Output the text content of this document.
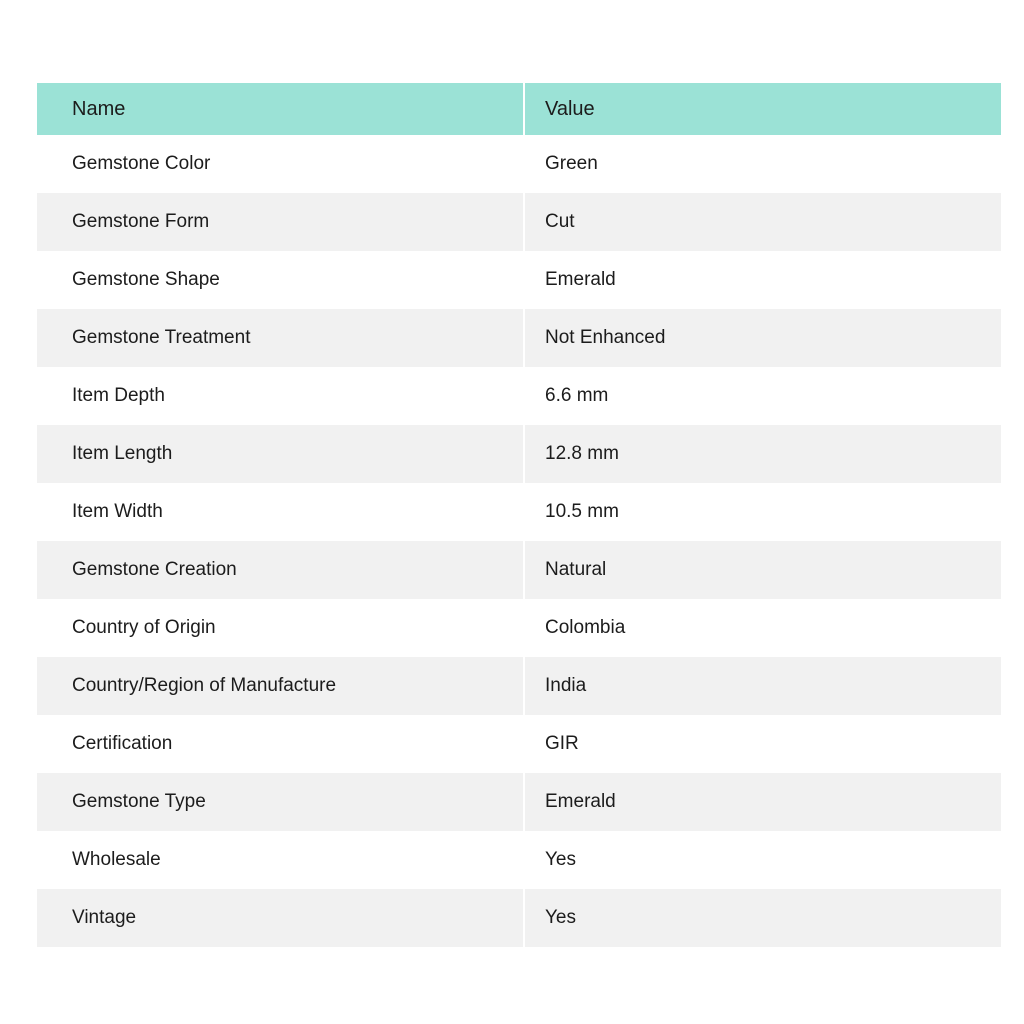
Name	Value
Gemstone Color	Green
Gemstone Form	Cut
Gemstone Shape	Emerald
Gemstone Treatment	Not Enhanced
Item Depth	6.6 mm
Item Length	12.8 mm
Item Width	10.5 mm
Gemstone Creation	Natural
Country of Origin	Colombia
Country/Region of Manufacture	India
Certification	GIR
Gemstone Type	Emerald
Wholesale	Yes
Vintage	Yes
